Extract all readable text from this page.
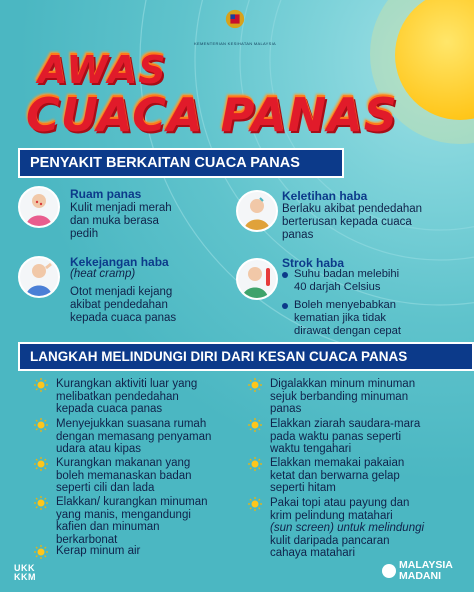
KEMENTERIAN KESIHATAN MALAYSIA
AWAS
CUACA PANAS
PENYAKIT BERKAITAN CUACA PANAS
Ruam panas
Kulit menjadi merah
dan muka berasa
pedih
Keletihan haba
Berlaku akibat pendedahan
berterusan kepada cuaca
panas
Kekejangan haba
(heat cramp)
Otot menjadi kejang
akibat pendedahan
kepada cuaca panas
Strok haba
Suhu badan melebihi
40 darjah Celsius
Boleh menyebabkan
kematian jika tidak
dirawat dengan cepat
LANGKAH MELINDUNGI DIRI DARI KESAN CUACA PANAS
Kurangkan aktiviti luar yang
melibatkan pendedahan
kepada cuaca panas
Menyejukkan suasana rumah
dengan memasang penyaman
udara atau kipas
Kurangkan makanan yang
boleh memanaskan badan
seperti cili dan lada
Elakkan/ kurangkan minuman
yang manis, mengandungi
kafien dan minuman
berkarbonat
Kerap minum air
Digalakkan minum minuman
sejuk berbanding minuman
panas
Elakkan ziarah saudara-mara
pada waktu panas seperti
waktu tengahari
Elakkan memakai pakaian
ketat dan berwarna gelap
seperti hitam
Pakai topi atau payung dan
krim pelindung matahari
(sun screen) untuk melindungi
kulit daripada pancaran
cahaya matahari
UKK
KKM
MALAYSIA
MADANI
